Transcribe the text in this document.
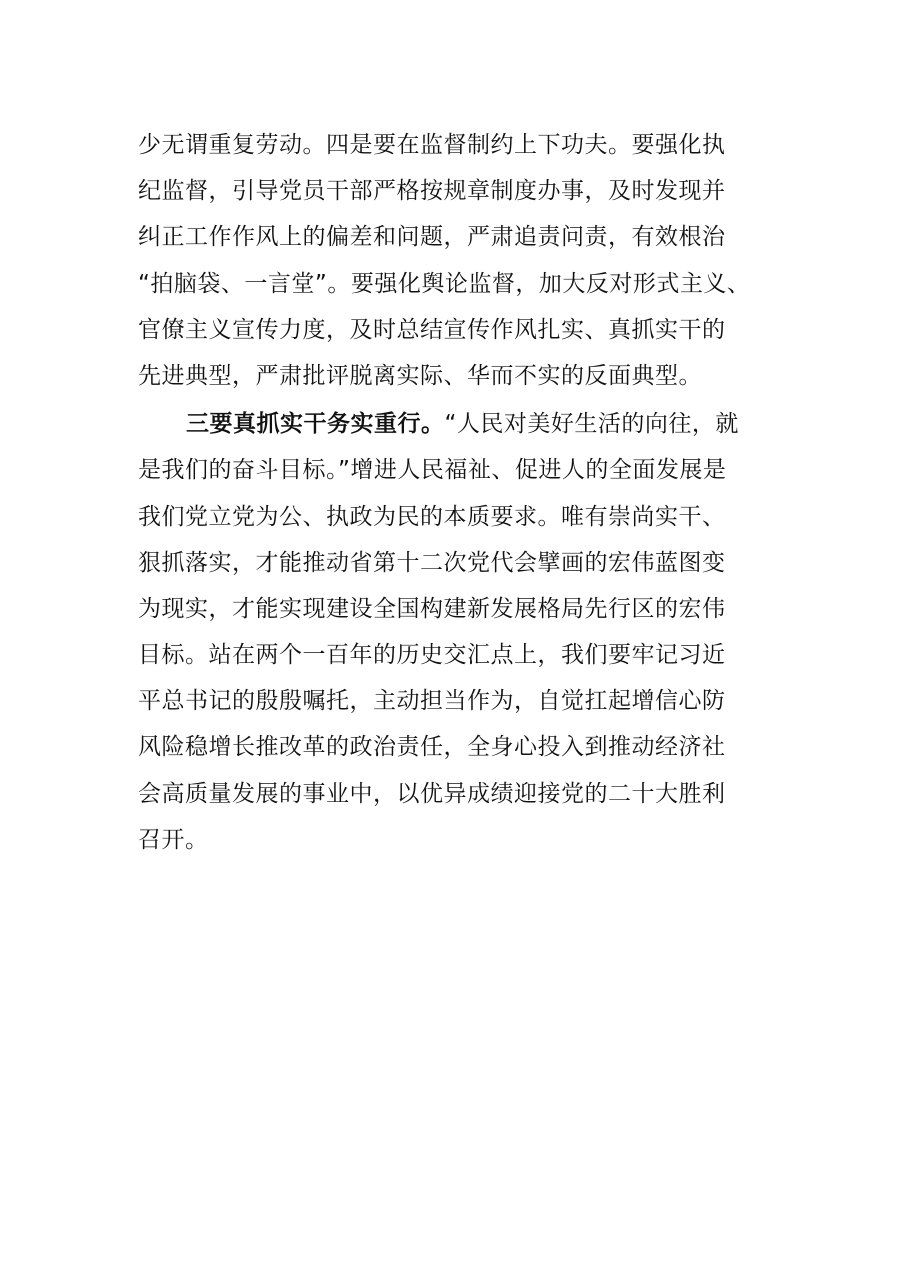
少无谓重复劳动。四是要在监督制约上下功夫。要强化执
纪监督，引导党员干部严格按规章制度办事，及时发现并
纠正工作作风上的偏差和问题，严肃追责问责，有效根治
“拍脑袋、一言堂”。要强化舆论监督，加大反对形式主义、
官僚主义宣传力度，及时总结宣传作风扎实、真抓实干的
先进典型，严肃批评脱离实际、华而不实的反面典型。
三要真抓实干务实重行。“人民对美好生活的向往，就
是我们的奋斗目标。”增进人民福祉、促进人的全面发展是
我们党立党为公、执政为民的本质要求。唯有崇尚实干、
狠抓落实，才能推动省第十二次党代会擘画的宏伟蓝图变
为现实，才能实现建设全国构建新发展格局先行区的宏伟
目标。站在两个一百年的历史交汇点上，我们要牢记习近
平总书记的殷殷嘱托，主动担当作为，自觉扛起增信心防
风险稳增长推改革的政治责任，全身心投入到推动经济社
会高质量发展的事业中，以优异成绩迎接党的二十大胜利
召开。
